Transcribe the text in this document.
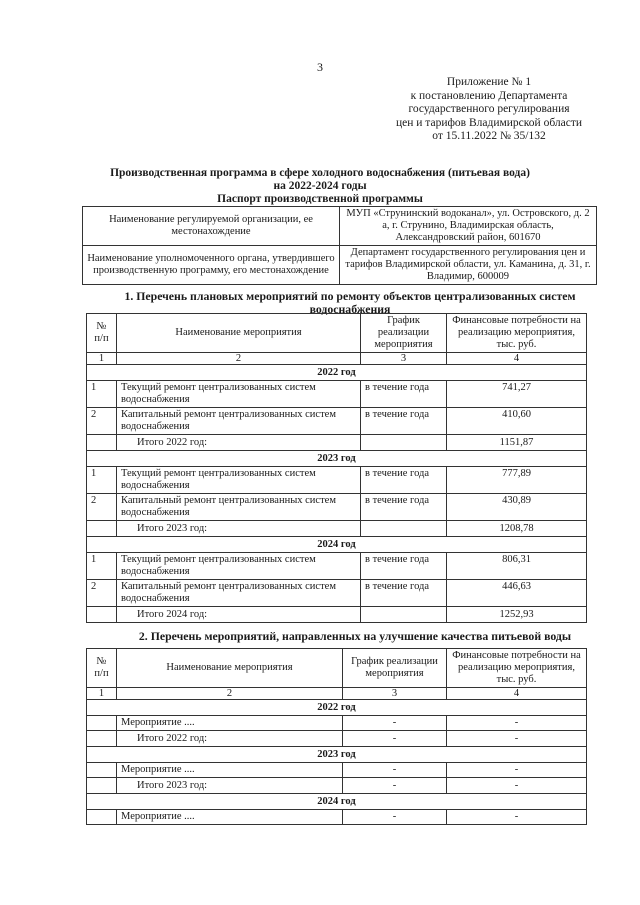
3
Приложение № 1
к постановлению Департамента
государственного регулирования
цен и тарифов Владимирской области
от 15.11.2022 № 35/132
Производственная программа в сфере холодного водоснабжения (питьевая вода)
на 2022-2024 годы
Паспорт производственной программы
Наименование регулируемой организации, ее местонахождение	МУП «Струнинский водоканал», ул. Островского, д. 2 а, г. Струнино, Владимирская область, Александровский район, 601670
Наименование уполномоченного органа, утвердившего производственную программу, его местонахождение	Департамент государственного регулирования цен и тарифов Владимирской области, ул. Каманина, д. 31, г. Владимир, 600009
1. Перечень плановых мероприятий по ремонту объектов централизованных систем водоснабжения
№ п/п	Наименование мероприятия	График реализации мероприятия	Финансовые потребности на реализацию мероприятия, тыс. руб.
1	2	3	4
2022 год			
1	Текущий ремонт централизованных систем водоснабжения	в течение года	741,27
2	Капитальный ремонт централизованных систем водоснабжения	в течение года	410,60
	Итого 2022 год:		1151,87
2023 год			
1	Текущий ремонт централизованных систем водоснабжения	в течение года	777,89
2	Капитальный ремонт централизованных систем водоснабжения	в течение года	430,89
	Итого 2023 год:		1208,78
2024 год			
1	Текущий ремонт централизованных систем водоснабжения	в течение года	806,31
2	Капитальный ремонт централизованных систем водоснабжения	в течение года	446,63
	Итого 2024 год:		1252,93
2. Перечень мероприятий, направленных на улучшение качества питьевой воды
№ п/п	Наименование мероприятия	График реализации мероприятия	Финансовые потребности на реализацию мероприятия, тыс. руб.
1	2	3	4
2022 год			
	Мероприятие ....	-	-
	Итого 2022 год:	-	-
2023 год			
	Мероприятие ....	-	-
	Итого 2023 год:	-	-
2024 год			
	Мероприятие ....	-	-
